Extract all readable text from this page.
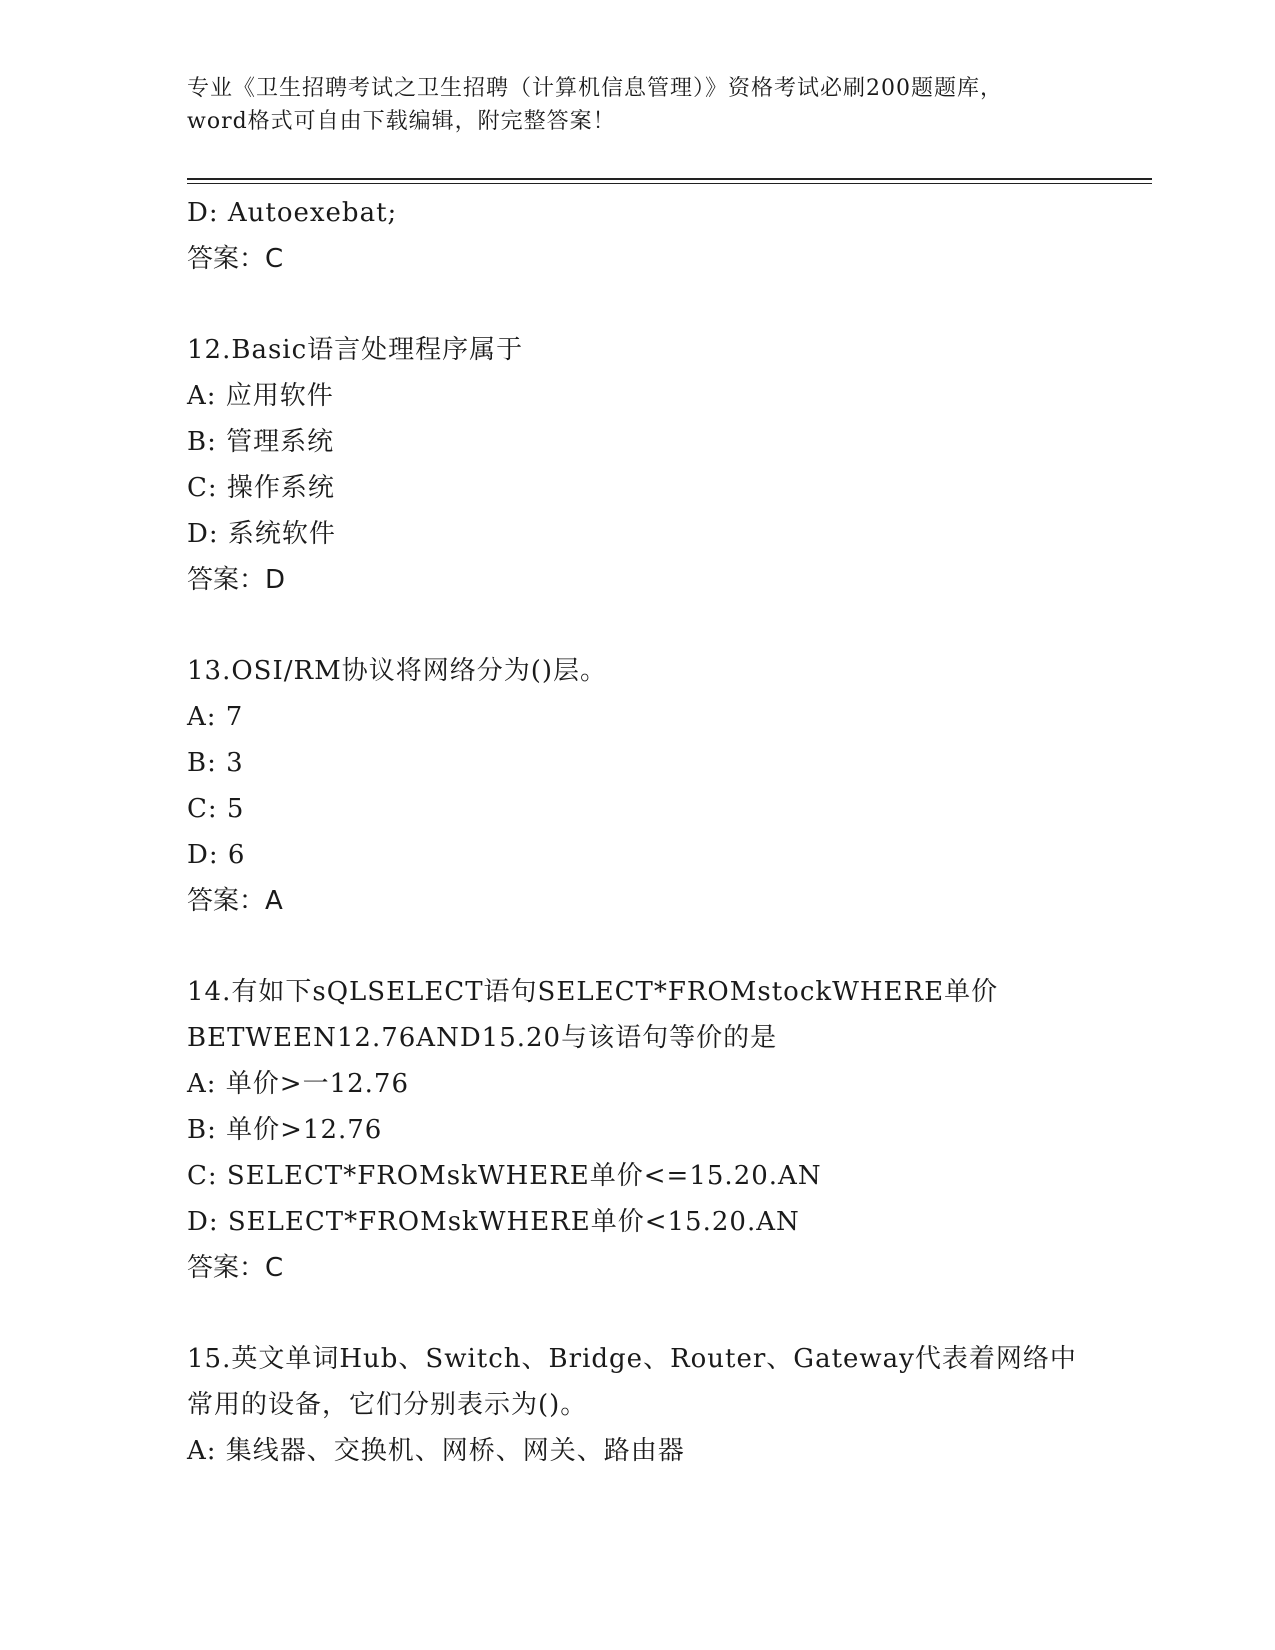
专业《卫生招聘考试之卫生招聘（计算机信息管理）》资格考试必刷200题题库，
word格式可自由下载编辑，附完整答案！
D: Autoexebat;
答案：C
12.Basic语言处理程序属于
A: 应用软件
B: 管理系统
C: 操作系统
D: 系统软件
答案：D
13.OSI/RM协议将网络分为()层。
A: 7
B: 3
C: 5
D: 6
答案：A
14.有如下sQLSELECT语句SELECT*FROMstockWHERE单价
BETWEEN12.76AND15.20与该语句等价的是
A: 单价>一12.76
B: 单价>12.76
C: SELECT*FROMskWHERE单价<=15.20.AN
D: SELECT*FROMskWHERE单价<15.20.AN
答案：C
15.英文单词Hub、Switch、Bridge、Router、Gateway代表着网络中
常用的设备，它们分别表示为()。
A: 集线器、交换机、网桥、网关、路由器
